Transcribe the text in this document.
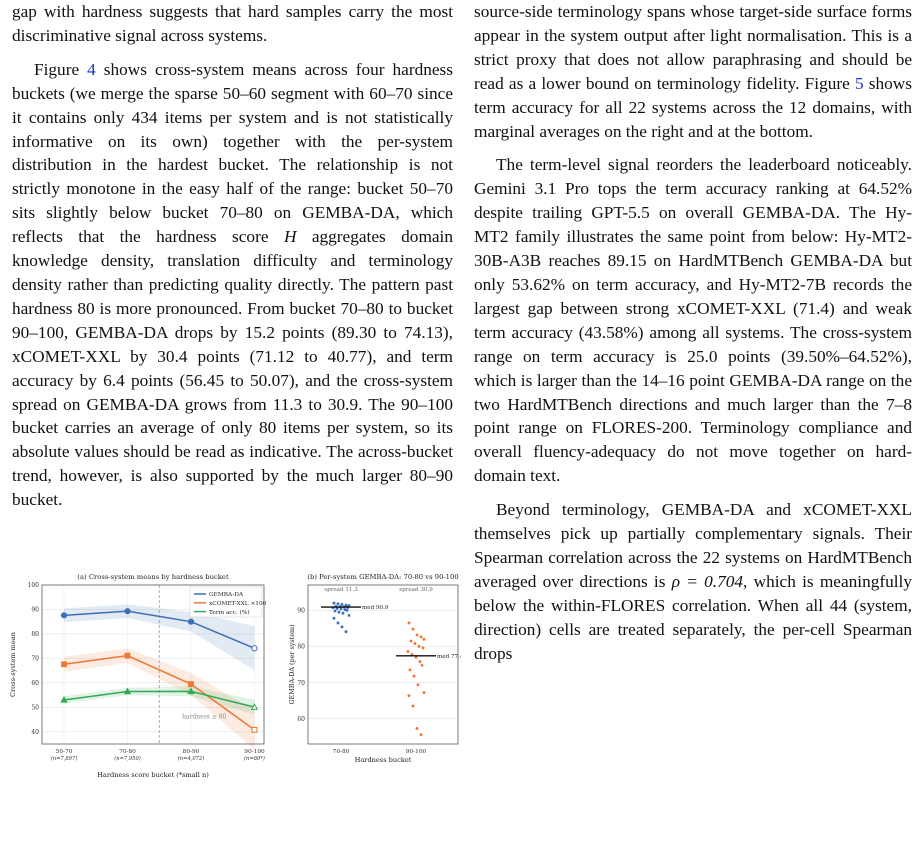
gap with hardness suggests that hard samples carry the most discriminative signal across systems.

Figure 4 shows cross-system means across four hardness buckets (we merge the sparse 50–60 segment with 60–70 since it contains only 434 items per system and is not statistically informative on its own) together with the per-system distribution in the hardest bucket. The relationship is not strictly monotone in the easy half of the range: bucket 50–70 sits slightly below bucket 70–80 on GEMBA-DA, which reflects that the hardness score H aggregates domain knowledge density, translation difficulty and terminology density rather than predicting quality directly. The pattern past hardness 80 is more pronounced. From bucket 70–80 to bucket 90–100, GEMBA-DA drops by 15.2 points (89.30 to 74.13), xCOMET-XXL by 30.4 points (71.12 to 40.77), and term accuracy by 6.4 points (56.45 to 50.07), and the cross-system spread on GEMBA-DA grows from 11.3 to 30.9. The 90–100 bucket carries an average of only 80 items per system, so its absolute values should be read as indicative. The across-bucket trend, however, is also supported by the much larger 80–90 bucket.

source-side terminology spans whose target-side surface forms appear in the system output after light normalisation. This is a strict proxy that does not allow paraphrasing and should be read as a lower bound on terminology fidelity. Figure 5 shows term accuracy for all 22 systems across the 12 domains, with marginal averages on the right and at the bottom.

The term-level signal reorders the leaderboard noticeably. Gemini 3.1 Pro tops the term accuracy ranking at 64.52% despite trailing GPT-5.5 on overall GEMBA-DA. The Hy-MT2 family illustrates the same point from below: Hy-MT2-30B-A3B reaches 89.15 on HardMTBench GEMBA-DA but only 53.62% on term accuracy, and Hy-MT2-7B records the largest gap between strong xCOMET-XXL (71.4) and weak term accuracy (43.58%) among all systems. The cross-system range on term accuracy is 25.0 points (39.50%–64.52%), which is larger than the 14–16 point GEMBA-DA range on the two HardMTBench directions and much larger than the 7–8 point range on FLORES-200. Terminology compliance and overall fluency-adequacy do not move together on hard-domain text.

Beyond terminology, GEMBA-DA and xCOMET-XXL themselves pick up partially complementary signals. Their Spearman correlation across the 22 systems on HardMTBench averaged over directions is ρ = 0.704, which is meaningfully below the within-FLORES correlation. When all 44 (system, direction) cells are treated separately, the per-cell Spearman drops

40
50
60
70
80
90
100
50-70
(n=7,897)
70-80
(n=7,950)
80-90
(n=4,072)
90-100
(n=80*)
hardness ≥ 80
GEMBA-DA
xCOMET-XXL ×100
Term acc. (%)
(a) Cross-system means by hardness bucket
Hardness score bucket (*small n)
Cross-system mean
60
70
80
90
70-80
spread 11.3
90-100
spread 30.9
med 90.9
med 77.4
(b) Per-system GEMBA-DA: 70-80 vs 90-100
Hardness bucket
GEMBA-DA (per system)
